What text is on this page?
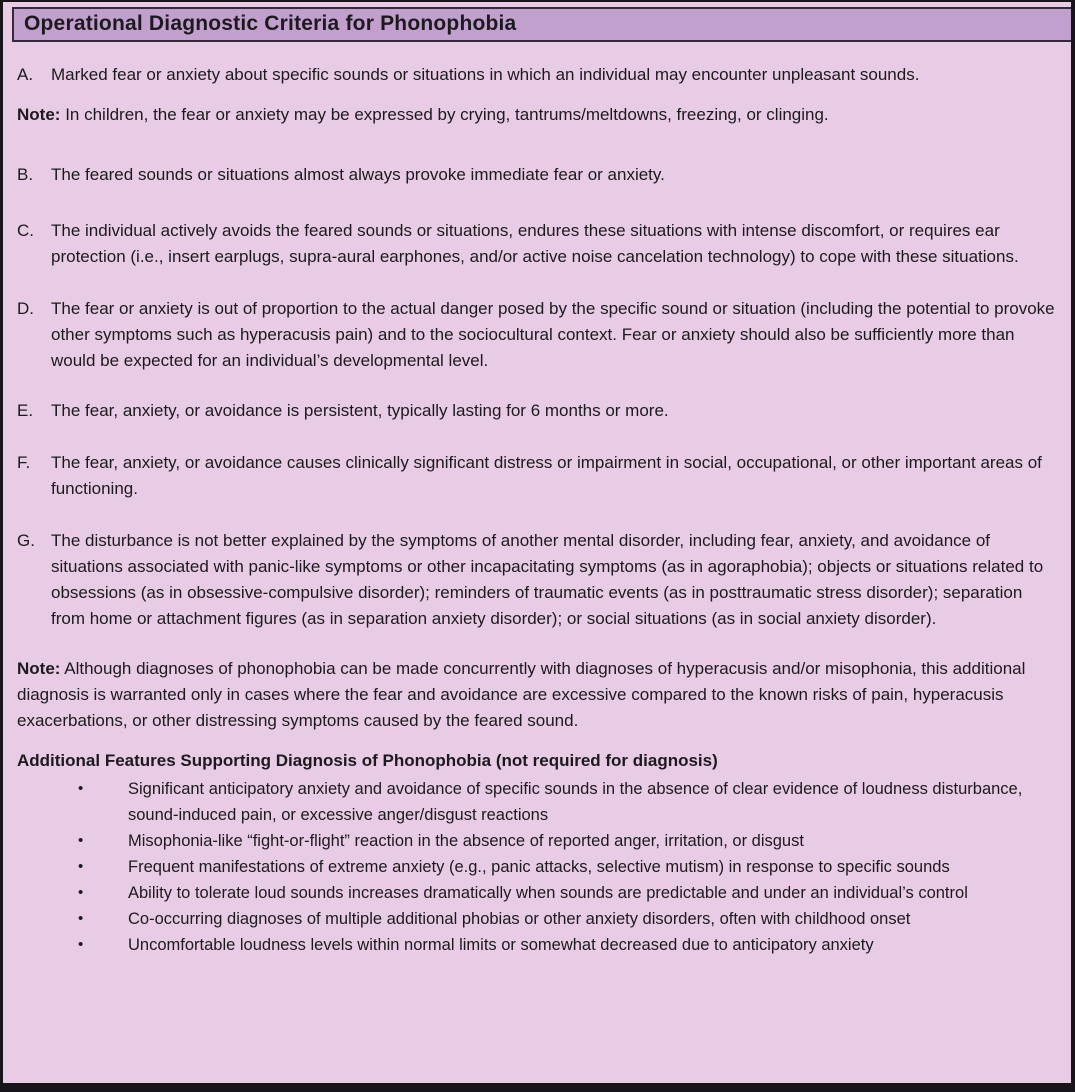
Operational Diagnostic Criteria for Phonophobia
A.	Marked fear or anxiety about specific sounds or situations in which an individual may encounter unpleasant sounds.

Note: In children, the fear or anxiety may be expressed by crying, tantrums/meltdowns, freezing, or clinging.

B.	The feared sounds or situations almost always provoke immediate fear or anxiety.
C.	The individual actively avoids the feared sounds or situations, endures these situations with intense discomfort, or requires ear protection (i.e., insert earplugs, supra-aural earphones, and/or active noise cancelation technology) to cope with these situations.
D.	The fear or anxiety is out of proportion to the actual danger posed by the specific sound or situation (including the potential to provoke other symptoms such as hyperacusis pain) and to the sociocultural context. Fear or anxiety should also be sufficiently more than would be expected for an individual’s developmental level.
E.	The fear, anxiety, or avoidance is persistent, typically lasting for 6 months or more.
F.	The fear, anxiety, or avoidance causes clinically significant distress or impairment in social, occupational, or other important areas of functioning.
G. The disturbance is not better explained by the symptoms of another mental disorder, including fear, anxiety, and avoidance of situations associated with panic-like symptoms or other incapacitating symptoms (as in agoraphobia); objects or situations related to obsessions (as in obsessive-compulsive disorder); reminders of traumatic events (as in posttraumatic stress disorder); separation from home or attachment figures (as in separation anxiety disorder); or social situations (as in social anxiety disorder).

Note: Although diagnoses of phonophobia can be made concurrently with diagnoses of hyperacusis and/or misophonia, this additional diagnosis is warranted only in cases where the fear and avoidance are excessive compared to the known risks of pain, hyperacusis exacerbations, or other distressing symptoms caused by the feared sound.

Additional Features Supporting Diagnosis of Phonophobia (not required for diagnosis)

•	Significant anticipatory anxiety and avoidance of specific sounds in the absence of clear evidence of loudness disturbance, sound-induced pain, or excessive anger/disgust reactions
•	Misophonia-like “fight-or-flight” reaction in the absence of reported anger, irritation, or disgust
•	Frequent manifestations of extreme anxiety (e.g., panic attacks, selective mutism) in response to specific sounds
•	Ability to tolerate loud sounds increases dramatically when sounds are predictable and under an individual’s control
•	Co-occurring diagnoses of multiple additional phobias or other anxiety disorders, often with childhood onset
•	Uncomfortable loudness levels within normal limits or somewhat decreased due to anticipatory anxiety
